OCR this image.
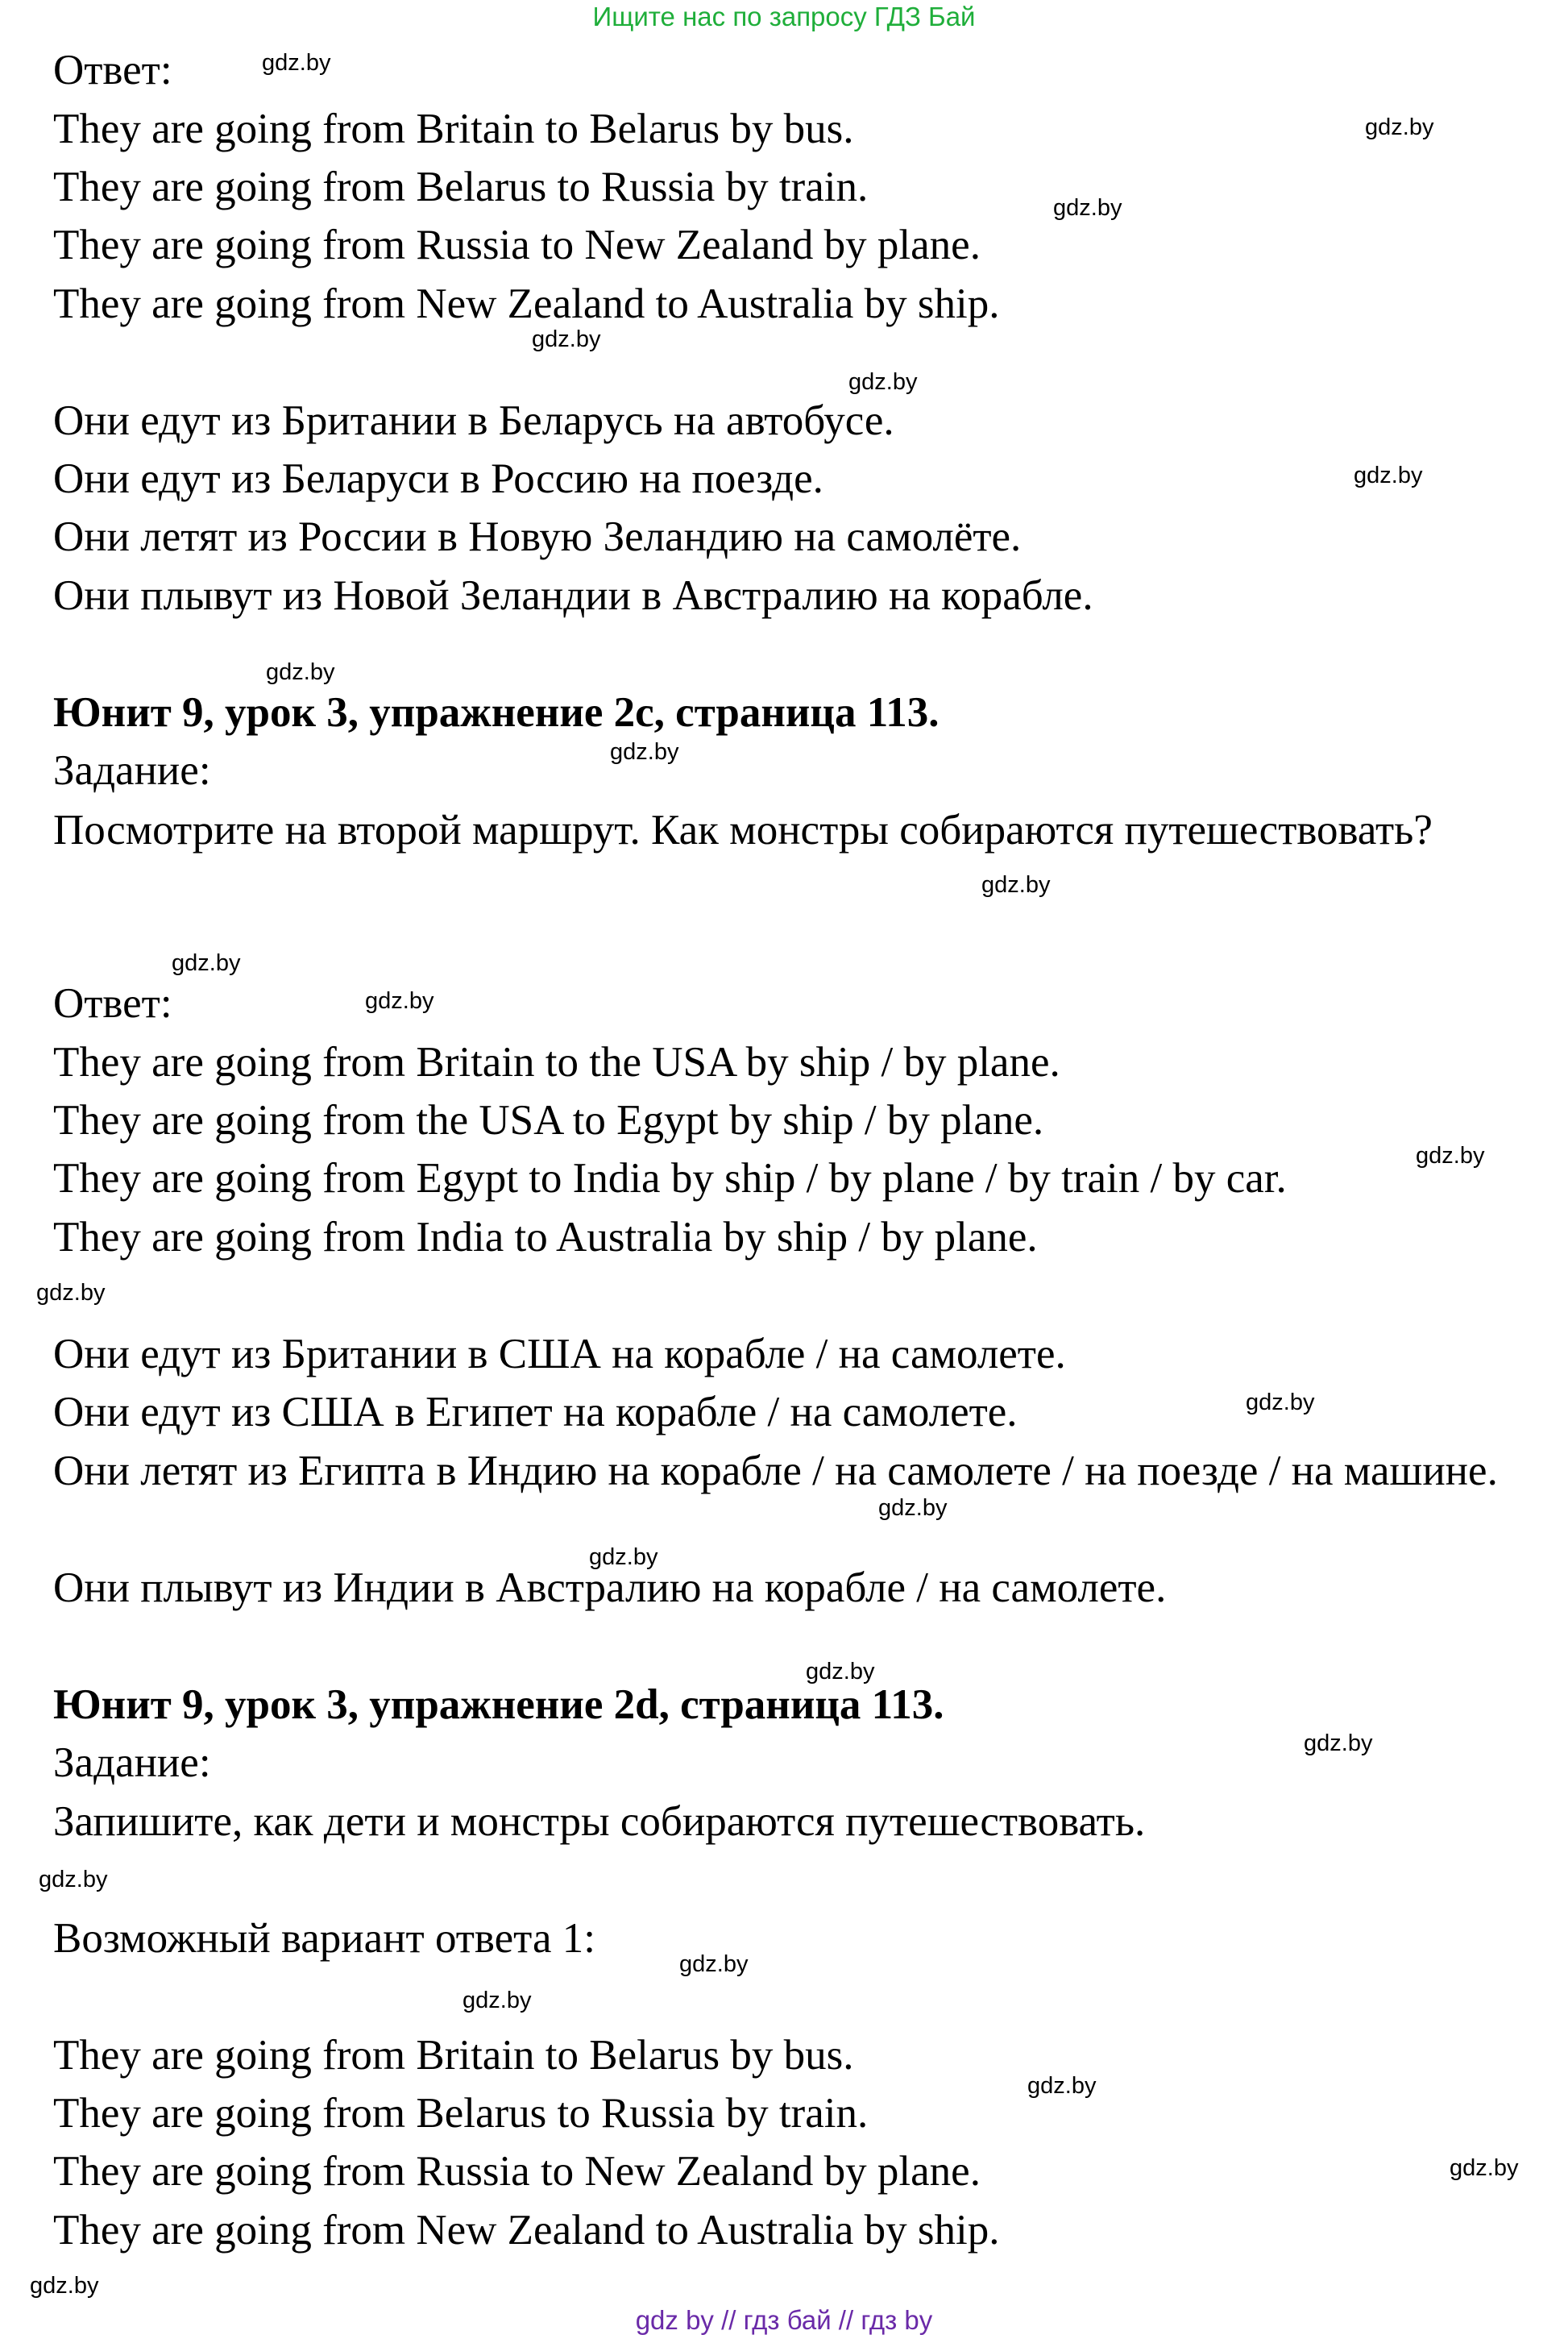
Ищите нас по запросу ГДЗ Бай
Ответ:
They are going from Britain to Belarus by bus.
They are going from Belarus to Russia by train.
They are going from Russia to New Zealand by plane.
They are going from New Zealand to Australia by ship.
Они едут из Британии в Беларусь на автобусе.
Они едут из Беларуси в Россию на поезде.
Они летят из России в Новую Зеландию на самолёте.
Они плывут из Новой Зеландии в Австралию на корабле.
Юнит 9, урок 3, упражнение 2c, страница 113.
Задание:
Посмотрите на второй маршрут. Как монстры собираются путешествовать?
Ответ:
They are going from Britain to the USA by ship / by plane.
They are going from the USA to Egypt by ship / by plane.
They are going from Egypt to India by ship / by plane / by train / by car.
They are going from India to Australia by ship / by plane.
Они едут из Британии в США на корабле / на самолете.
Они едут из США в Египет на корабле / на самолете.
Они летят из Египта в Индию на корабле / на самолете / на поезде / на машине.
Они плывут из Индии в Австралию на корабле / на самолете.
Юнит 9, урок 3, упражнение 2d, страница 113.
Задание:
Запишите, как дети и монстры собираются путешествовать.
Возможный вариант ответа 1:
They are going from Britain to Belarus by bus.
They are going from Belarus to Russia by train.
They are going from Russia to New Zealand by plane.
They are going from New Zealand to Australia by ship.
gdz.by
gdz.by
gdz.by
gdz.by
gdz.by
gdz.by
gdz.by
gdz.by
gdz.by
gdz.by
gdz.by
gdz.by
gdz.by
gdz.by
gdz.by
gdz.by
gdz.by
gdz.by
gdz.by
gdz.by
gdz.by
gdz.by
gdz.by
gdz.by
gdz by // гдз бай // гдз by
